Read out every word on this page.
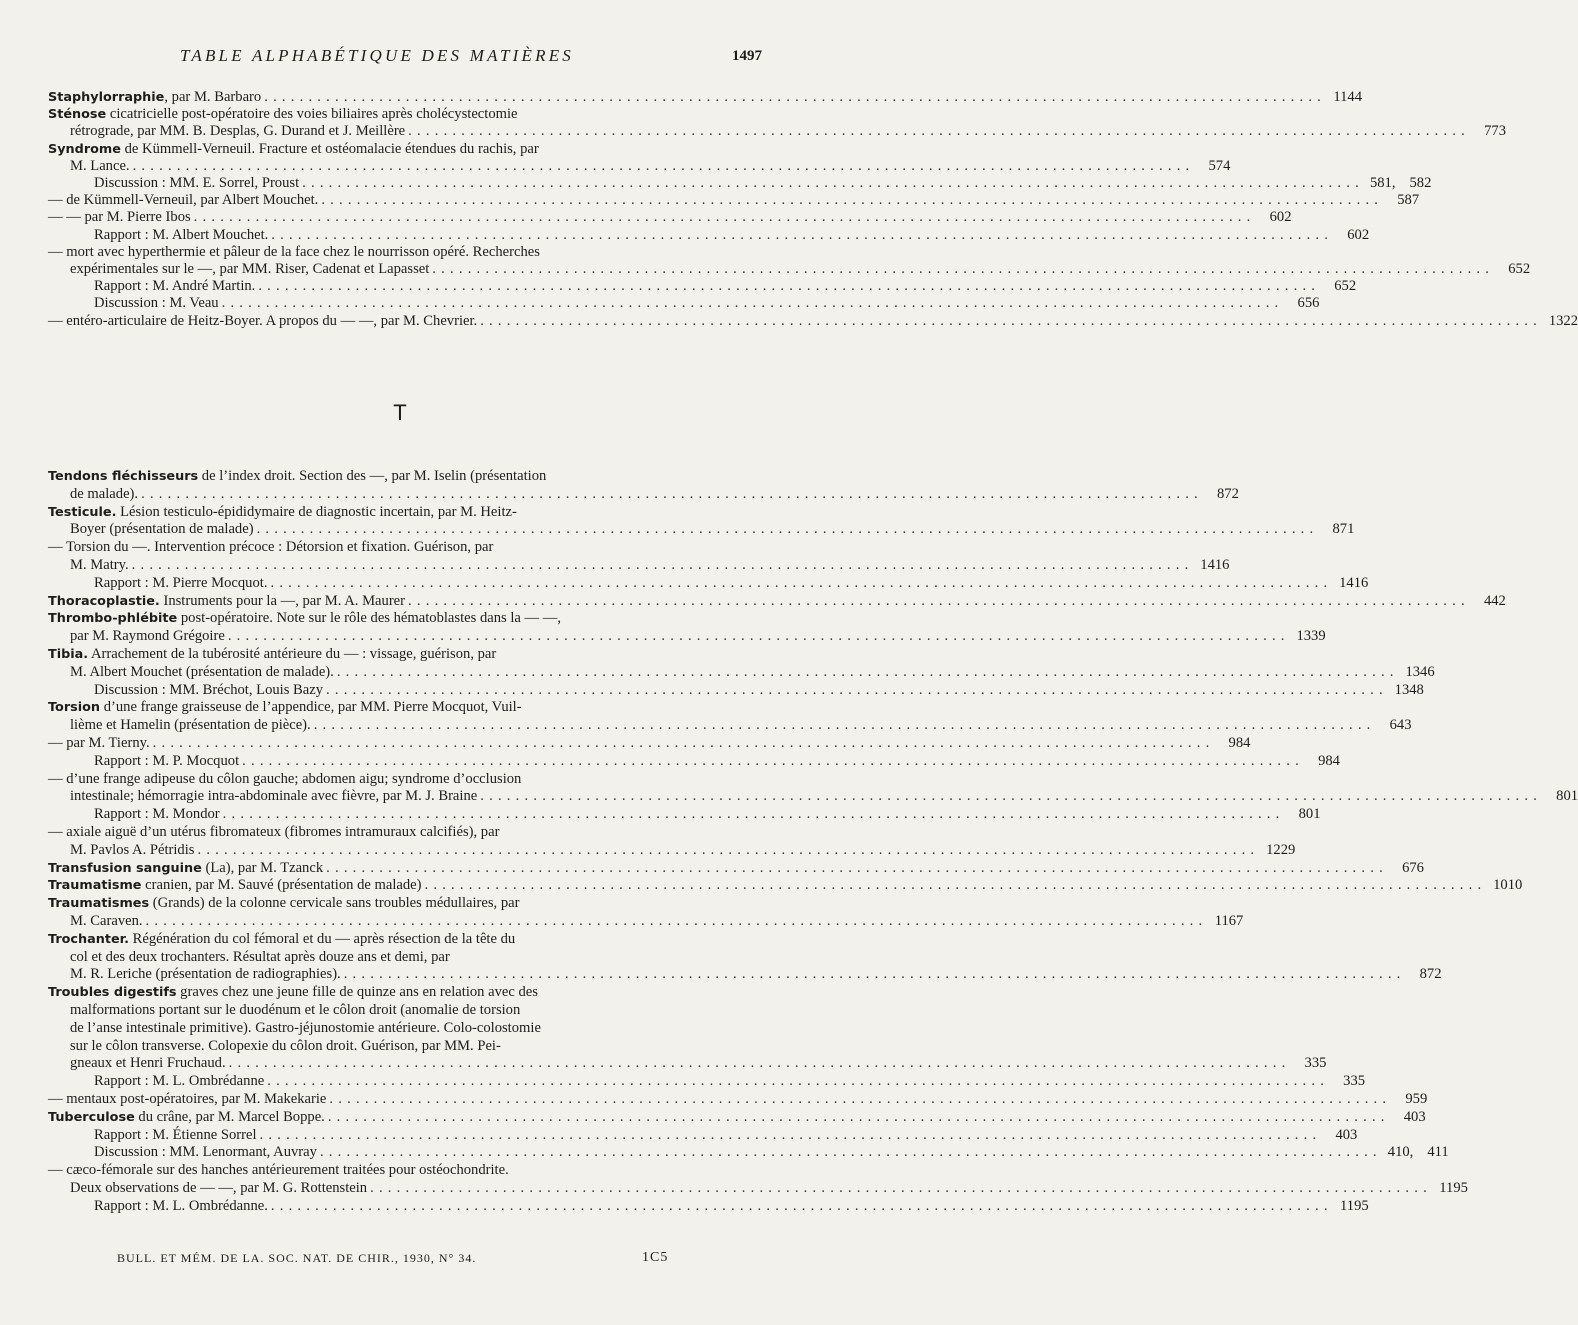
TABLE ALPHABÉTIQUE DES MATIÈRES	1497
Staphylorraphie , par M. Barbaro ........................................................................................................................ 1144
Sténose cicatricielle post-opératoire des voies biliaires après cholécystectomie
rétrograde, par MM. B. Desplas, G. Durand et J. Meillère ........................................................................................................................ 773
Syndrome de Kümmell-Verneuil. Fracture et ostéomalacie étendues du rachis, par
M. Lance. ........................................................................................................................ 574
Discussion : MM. E. Sorrel, Proust ........................................................................................................................ 581, 582
— de Kümmell-Verneuil, par Albert Mouchet. ........................................................................................................................ 587
— — par M. Pierre Ibos ........................................................................................................................ 602
Rapport : M. Albert Mouchet. ........................................................................................................................ 602
— mort avec hyperthermie et pâleur de la face chez le nourrisson opéré. Recherches
expérimentales sur le —, par MM. Riser, Cadenat et Lapasset ........................................................................................................................ 652
Rapport : M. André Martin. ........................................................................................................................ 652
Discussion : M. Veau ........................................................................................................................ 656
— entéro-articulaire de Heitz-Boyer. A propos du — —, par M. Chevrier. ........................................................................................................................ 1322
T
Tendons fléchisseurs de l’index droit. Section des —, par M. Iselin (présentation
de malade). ........................................................................................................................ 872
Testicule. Lésion testiculo-épididymaire de diagnostic incertain, par M. Heitz-
Boyer (présentation de malade) ........................................................................................................................ 871
— Torsion du —. Intervention précoce : Détorsion et fixation. Guérison, par
M. Matry. ........................................................................................................................ 1416
Rapport : M. Pierre Mocquot. ........................................................................................................................ 1416
Thoracoplastie. Instruments pour la —, par M. A. Maurer ........................................................................................................................ 442
Thrombo-phlébite post-opératoire. Note sur le rôle des hématoblastes dans la — —,
par M. Raymond Grégoire ........................................................................................................................ 1339
Tibia. Arrachement de la tubérosité antérieure du — : vissage, guérison, par
M. Albert Mouchet (présentation de malade). ........................................................................................................................ 1346
Discussion : MM. Bréchot, Louis Bazy ........................................................................................................................ 1348
Torsion d’une frange graisseuse de l’appendice, par MM. Pierre Mocquot, Vuil-
lième et Hamelin (présentation de pièce). ........................................................................................................................ 643
— par M. Tierny. ........................................................................................................................ 984
Rapport : M. P. Mocquot ........................................................................................................................ 984
— d’une frange adipeuse du côlon gauche; abdomen aigu; syndrome d’occlusion
intestinale; hémorragie intra-abdominale avec fièvre, par M. J. Braine ........................................................................................................................ 801
Rapport : M. Mondor ........................................................................................................................ 801
— axiale aiguë d’un utérus fibromateux (fibromes intramuraux calcifiés), par
M. Pavlos A. Pétridis ........................................................................................................................ 1229
Transfusion sanguine (La), par M. Tzanck ........................................................................................................................ 676
Traumatisme cranien, par M. Sauvé (présentation de malade) ........................................................................................................................ 1010
Traumatismes (Grands) de la colonne cervicale sans troubles médullaires, par
M. Caraven. ........................................................................................................................ 1167
Trochanter. Régénération du col fémoral et du — après résection de la tête du
col et des deux trochanters. Résultat après douze ans et demi, par
M. R. Leriche (présentation de radiographies). ........................................................................................................................ 872
Troubles digestifs graves chez une jeune fille de quinze ans en relation avec des
malformations portant sur le duodénum et le côlon droit (anomalie de torsion
de l’anse intestinale primitive). Gastro-jéjunostomie antérieure. Colo-colostomie
sur le côlon transverse. Colopexie du côlon droit. Guérison, par MM. Pei-
gneaux et Henri Fruchaud. ........................................................................................................................ 335
Rapport : M. L. Ombrédanne ........................................................................................................................ 335
— mentaux post-opératoires, par M. Makekarie ........................................................................................................................ 959
Tuberculose du crâne, par M. Marcel Boppe. ........................................................................................................................ 403
Rapport : M. Étienne Sorrel ........................................................................................................................ 403
Discussion : MM. Lenormant, Auvray ........................................................................................................................ 410, 411
— cæco-fémorale sur des hanches antérieurement traitées pour ostéochondrite.
Deux observations de — —, par M. G. Rottenstein ........................................................................................................................ 1195
Rapport : M. L. Ombrédanne. ........................................................................................................................ 1195
BULL. ET MÉM. DE LA. SOC. NAT. DE CHIR., 1930, N° 34.	1C5
